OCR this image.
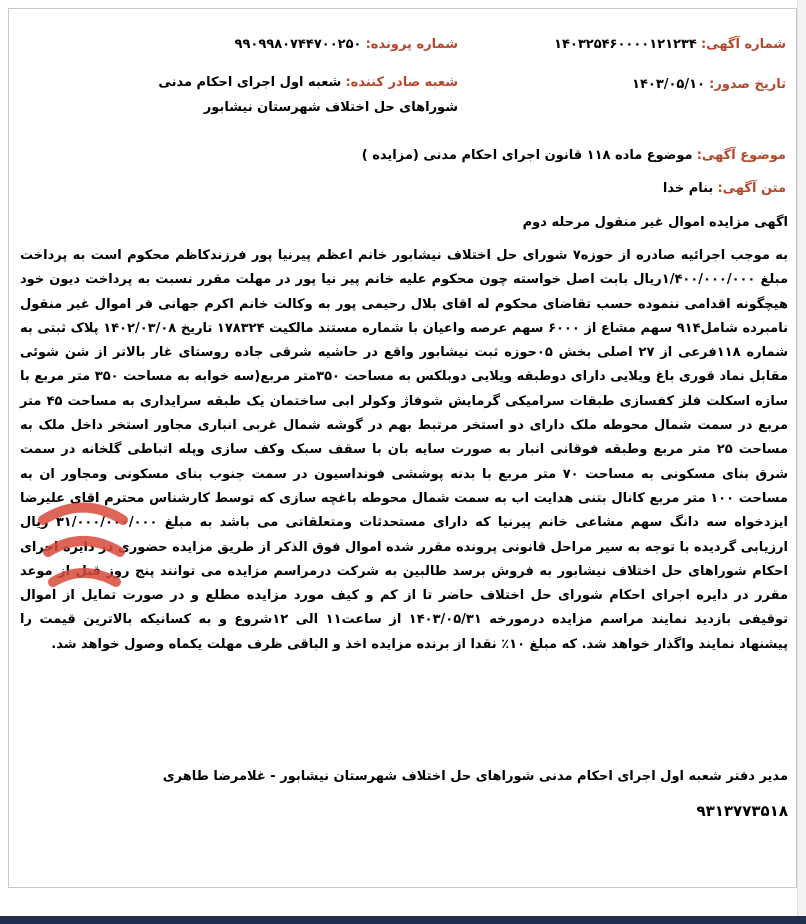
شماره آگهی: ۱۴۰۳۲۵۴۶۰۰۰۰۱۲۱۲۳۴
شماره پرونده: ۹۹۰۹۹۸۰۷۴۴۷۰۰۲۵۰
تاریخ صدور: ۱۴۰۳/۰۵/۱۰
شعبه صادر کننده: شعبه اول اجرای احکام مدنی شوراهای حل اختلاف شهرستان نیشابور
موضوع آگهی: موضوع ماده ۱۱۸ قانون اجرای احکام مدنی (مزایده )
متن آگهی: بنام خدا
اگهی مزایده اموال غیر منقول مرحله دوم
به موجب اجرائیه صادره از حوزه۷ شورای حل اختلاف نیشابور خانم اعظم پیرنیا پور فرزندکاظم محکوم است به پرداخت مبلغ ۱/۴۰۰/۰۰۰/۰۰۰ریال بابت اصل خواسته چون محکوم علیه خانم پیر نیا پور در مهلت مقرر نسبت به پرداخت دیون خود هیچگونه اقدامی ننموده حسب تقاضای محکوم له اقای بلال رحیمی پور به وکالت خانم اکرم جهانی فر اموال غیر منقول نامبرده شامل۹۱۴ سهم مشاع از ۶۰۰۰ سهم عرصه واعیان با شماره مستند مالکیت ۱۷۸۳۲۴ تاریخ ۱۴۰۲/۰۳/۰۸ پلاک ثبتی به شماره ۱۱۸فرعی از ۲۷ اصلی بخش ۰۵حوزه ثبت نیشابور واقع در حاشیه شرقی جاده روستای غار بالاتر از شن شوئی مقابل نماد قوری باغ ویلایی دارای دوطبقه ویلایی دوبلکس به مساحت ۳۵۰متر مربع(سه خوابه به مساحت ۳۵۰ متر مربع با سازه اسکلت فلز کفسازی طبقات سرامیکی گرمایش شوفاژ وکولر ابی ساختمان یک طبقه سرایداری به مساحت ۴۵ متر مربع در سمت شمال محوطه ملک دارای دو استخر مرتبط بهم در گوشه شمال غربی انباری مجاور استخر داخل ملک به مساحت ۲۵ متر مربع وطبقه فوقانی انبار به صورت سایه بان با سقف سبک وکف سازی وپله اتباطی گلخانه در سمت شرق بنای مسکونی به مساحت ۷۰ متر مربع با بدنه پوششی فونداسیون در سمت جنوب بنای مسکونی ومجاور ان به مساحت ۱۰۰ متر مربع کانال بتنی هدایت اب به سمت شمال محوطه باغچه سازی که توسط کارشناس محترم اقای علیرضا ایزدخواه سه دانگ سهم مشاعی خانم پیرنیا که دارای مستحدثات ومتعلقاتی می باشد به مبلغ ۳۱/۰۰۰/۰۰۰/۰۰۰ ریال ارزیابی گردیده با توجه به سیر مراحل قانونی پرونده مقرر شده اموال فوق الذکر از طریق مزایده حضوری در دایره اجرای احکام شوراهای حل اختلاف نیشابور به فروش برسد طالبین به شرکت درمراسم مزایده می توانند پنج روز قبل از موعد مقرر در دایره اجرای احکام شورای حل اختلاف حاضر تا از کم و کیف مورد مزایده مطلع و در صورت تمایل از اموال توقیفی بازدید نمایند مراسم مزایده درمورخه ۱۴۰۳/۰۵/۳۱ از ساعت۱۱ الی ۱۲شروع و به کسانیکه بالاترین قیمت را پیشنهاد نمایند واگذار خواهد شد. که مبلغ ۱۰٪ نقدا از برنده مزایده اخذ و الباقی ظرف مهلت یکماه وصول خواهد شد.
مدیر دفتر شعبه اول اجرای احکام مدنی شوراهای حل اختلاف شهرستان نیشابور - غلامرضا طاهری
۹۳۱۳۷۷۳۵۱۸
